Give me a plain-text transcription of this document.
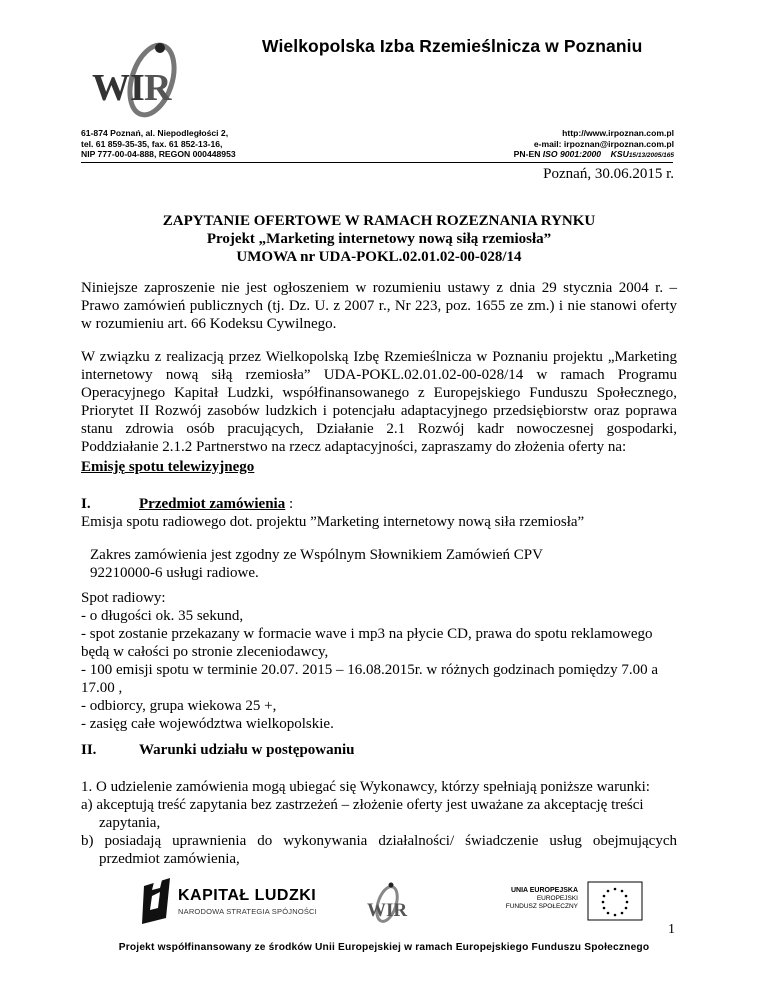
W I R
Wielkopolska Izba Rzemieślnicza w Poznaniu
61-874 Poznań, al. Niepodległości 2,
tel. 61 859-35-35, fax. 61 852-13-16,
NIP 777-00-04-888, REGON 000448953
http://www.irpoznan.com.pl
e-mail: irpoznan@irpoznan.com.pl
PN-EN ISO 9001:2000 KSU15/13/2005/165
Poznań, 30.06.2015 r.
ZAPYTANIE OFERTOWE W RAMACH ROZEZNANIA RYNKU
Projekt „Marketing internetowy nową siłą rzemiosła”
UMOWA nr UDA-POKL.02.01.02-00-028/14
Niniejsze zaproszenie nie jest ogłoszeniem w rozumieniu ustawy z dnia 29 stycznia 2004 r. – Prawo zamówień publicznych (tj. Dz. U. z 2007 r., Nr 223, poz. 1655 ze zm.) i nie stanowi oferty w rozumieniu art. 66 Kodeksu Cywilnego.
W związku z realizacją przez Wielkopolską Izbę Rzemieślnicza w Poznaniu projektu „Marketing internetowy nową siłą rzemiosła” UDA-POKL.02.01.02-00-028/14 w ramach Programu Operacyjnego Kapitał Ludzki, współfinansowanego z Europejskiego Funduszu Społecznego, Priorytet II Rozwój zasobów ludzkich i potencjału adaptacyjnego przedsiębiorstw oraz poprawa stanu zdrowia osób pracujących, Działanie 2.1 Rozwój kadr nowoczesnej gospodarki, Poddziałanie 2.1.2 Partnerstwo na rzecz adaptacyjności, zapraszamy do złożenia oferty na:
Emisję spotu telewizyjnego
I.	Przedmiot zamówienia :
Emisja spotu radiowego dot. projektu ”Marketing internetowy nową siła rzemiosła”
Zakres zamówienia jest zgodny ze Wspólnym Słownikiem Zamówień CPV
92210000-6 usługi radiowe.
Spot radiowy:
- o długości ok. 35 sekund,
- spot zostanie przekazany w formacie wave i mp3 na płycie CD, prawa do spotu reklamowego będą w całości po stronie zleceniodawcy,
- 100 emisji spotu w terminie 20.07. 2015 – 16.08.2015r. w różnych godzinach pomiędzy 7.00 a 17.00 ,
- odbiorcy, grupa wiekowa 25 +,
- zasięg całe województwa wielkopolskie.
II.	Warunki udziału w postępowaniu
1. O udzielenie zamówienia mogą ubiegać się Wykonawcy, którzy spełniają poniższe warunki:
a) akceptują treść zapytania bez zastrzeżeń – złożenie oferty jest uważane za akceptację treści zapytania,
b) posiadają uprawnienia do wykonywania działalności/ świadczenie usług obejmujących przedmiot zamówienia,
WIR
KAPITAŁ LUDZKI
NARODOWA STRATEGIA SPÓJNOŚCI
UNIA EUROPEJSKA
EUROPEJSKI
FUNDUSZ SPOŁECZNY
1
Projekt współfinansowany ze środków Unii Europejskiej w ramach Europejskiego Funduszu Społecznego
